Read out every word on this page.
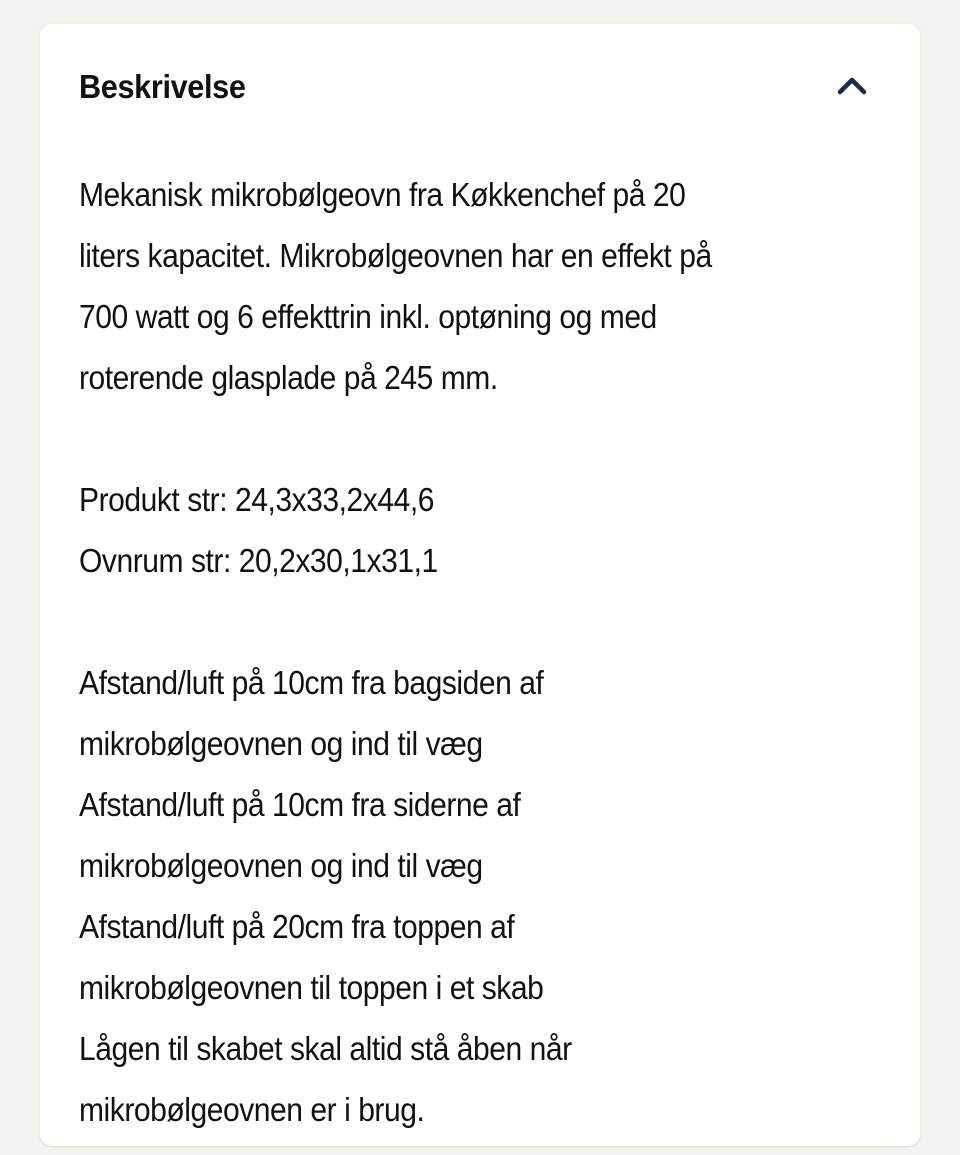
Beskrivelse
Mekanisk mikrobølgeovn fra Køkkenchef på 20
liters kapacitet. Mikrobølgeovnen har en effekt på
700 watt og 6 effekttrin inkl. optøning og med
roterende glasplade på 245 mm.
Produkt str: 24,3x33,2x44,6
Ovnrum str: 20,2x30,1x31,1
Afstand/luft på 10cm fra bagsiden af
mikrobølgeovnen og ind til væg
Afstand/luft på 10cm fra siderne af
mikrobølgeovnen og ind til væg
Afstand/luft på 20cm fra toppen af
mikrobølgeovnen til toppen i et skab
Lågen til skabet skal altid stå åben når
mikrobølgeovnen er i brug.
